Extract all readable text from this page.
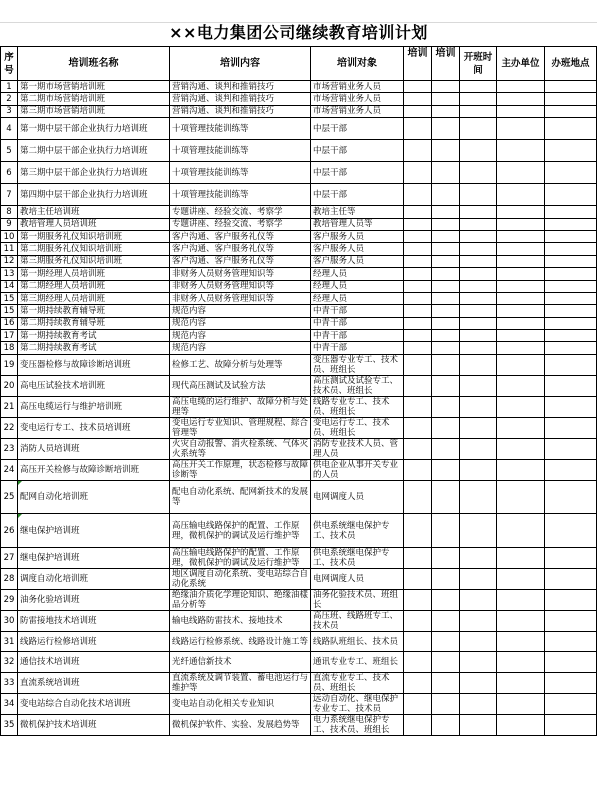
××电力集团公司继续教育培训计划
序号	培训班名称	培训内容	培训对象	培训	培训	开班时间	主办单位	办班地点
1	第一期市场营销培训班	营销沟通、谈判和推销技巧	市场营销业务人员					
2	第二期市场营销培训班	营销沟通、谈判和推销技巧	市场营销业务人员					
3	第三期市场营销培训班	营销沟通、谈判和推销技巧	市场营销业务人员					
4	第一期中层干部企业执行力培训班	十项管理技能训练等	中层干部					
5	第二期中层干部企业执行力培训班	十项管理技能训练等	中层干部					
6	第三期中层干部企业执行力培训班	十项管理技能训练等	中层干部					
7	第四期中层干部企业执行力培训班	十项管理技能训练等	中层干部					
8	教培主任培训班	专题讲座、经验交流、考察学	教培主任等					
9	教培管理人员培训班	专题讲座、经验交流、考察学	教培管理人员等					
10	第一期服务礼仪知识培训班	客户沟通、客户服务礼仪等	客户服务人员					
11	第二期服务礼仪知识培训班	客户沟通、客户服务礼仪等	客户服务人员					
12	第三期服务礼仪知识培训班	客户沟通、客户服务礼仪等	客户服务人员					
13	第一期经理人员培训班	非财务人员财务管理知识等	经理人员					
14	第二期经理人员培训班	非财务人员财务管理知识等	经理人员					
15	第三期经理人员培训班	非财务人员财务管理知识等	经理人员					
15	第一期持续教育辅导班	规范内容	中青干部					
16	第二期持续教育辅导班	规范内容	中青干部					
17	第一期持续教育考试	规范内容	中青干部					
18	第二期持续教育考试	规范内容	中青干部					
19	变压器检修与故障诊断培训班	检修工艺、故障分析与处理等	变压器专业专工、技术员、班组长					
20	高电压试验技术培训班	现代高压测试及试验方法	高压测试及试验专工、技术员、班组长					
21	高压电缆运行与维护培训班	高压电缆的运行维护、故障分析与处理等	线路专业专工、技术员、班组长					
22	变电运行专工、技术员培训班	变电运行专业知识、管理规程、綜合管理等	变电运行专工、技术员、班组长					
23	消防人员培训班	火灾自动报警、消火栓系统、气体灭火系统等	消防专业技术人员、管理人员					
24	高压开关检修与故障诊断培训班	高压开关工作原理，状态检修与故障诊断等	供电企业从事开关专业的人员					
25	配网自动化培训班	配电自动化系统、配网新技术的发展等	电网调度人员					
26	继电保护培训班	高压输电线路保护的配置、工作原理，微机保护的调试及运行维护等	供电系统继电保护专工、技术员					
27	继电保护培训班	高压输电线路保护的配置、工作原理，微机保护的调试及运行维护等	供电系统继电保护专工、技术员					
28	调度自动化培训班	地区调度自动化系统、变电站综合自动化系统	电网调度人员					
29	油务化验培训班	绝缘油介质化学理论知识、绝缘油樣品分析等	油务化验技术员、班组长					
30	防雷接地技术培训班	输电线路防雷技术、接地技术	高压班、线路班专工、技术员					
31	线路运行检修培训班	线路运行检修系统、线路设计施工等	线路队班组长、技术员					
32	通信技术培训班	光纤通信新技术	通讯专业专工、班组长					
33	直流系统培训班	直流系统及调节装置、蓄电池运行与维护等	直流专业专工、技术员、班组长					
34	变电站综合自动化技术培训班	变电站自动化相关专业知识	远动自动化、继电保护专业专工、技术员					
35	微机保护技术培训班	微机保护软件、实验、发展趋势等	电力系统继电保护专工、技术员、班组长					
